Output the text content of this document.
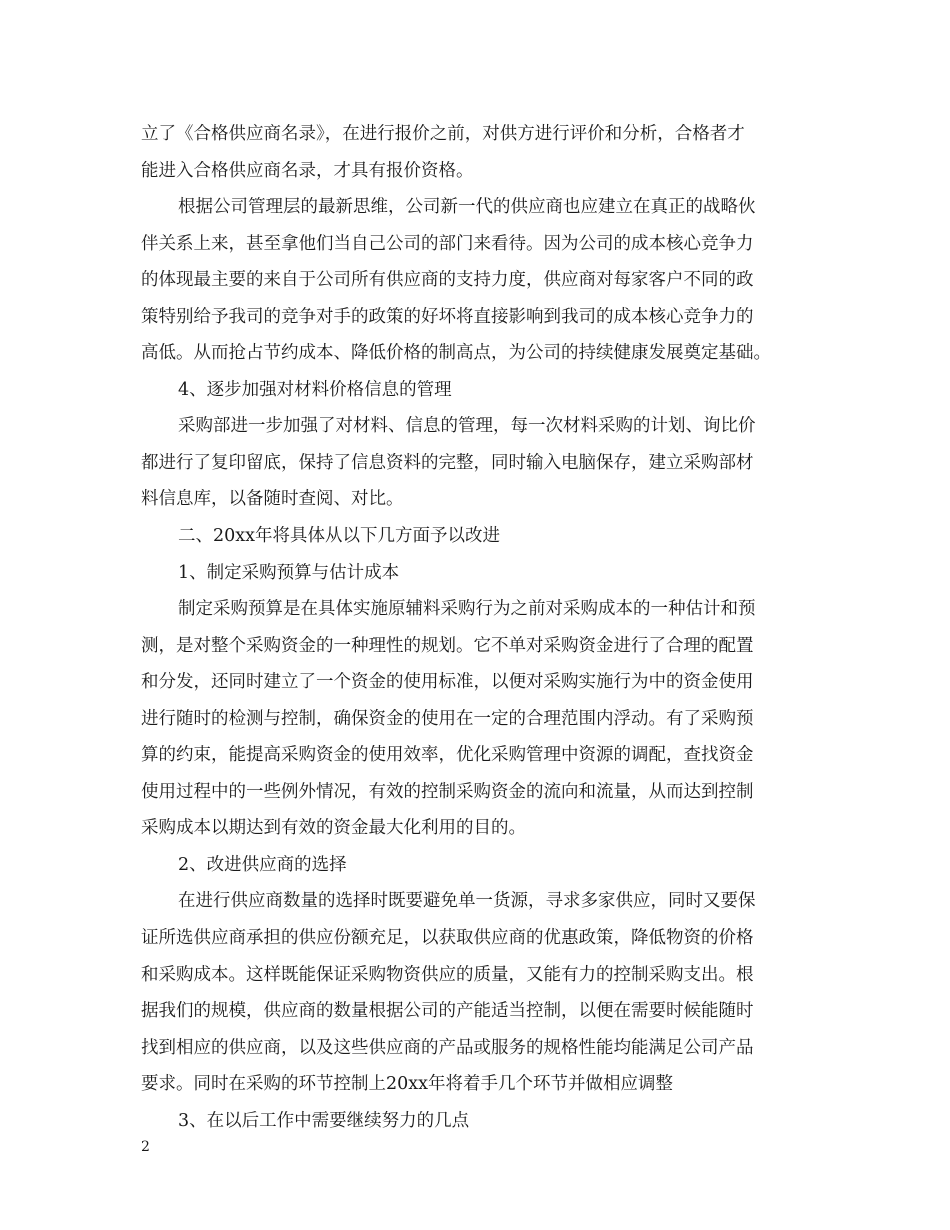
立了《合格供应商名录》，在进行报价之前，对供方进行评价和分析，合格者才
能进入合格供应商名录，才具有报价资格。
根据公司管理层的最新思维，公司新一代的供应商也应建立在真正的战略伙
伴关系上来，甚至拿他们当自己公司的部门来看待。因为公司的成本核心竞争力
的体现最主要的来自于公司所有供应商的支持力度，供应商对每家客户不同的政
策特别给予我司的竞争对手的政策的好坏将直接影响到我司的成本核心竞争力的
高低。从而抢占节约成本、降低价格的制高点，为公司的持续健康发展奠定基础。
4、逐步加强对材料价格信息的管理
采购部进一步加强了对材料、信息的管理，每一次材料采购的计划、询比价
都进行了复印留底，保持了信息资料的完整，同时输入电脑保存，建立采购部材
料信息库，以备随时查阅、对比。
二、20xx年将具体从以下几方面予以改进
1、制定采购预算与估计成本
制定采购预算是在具体实施原辅料采购行为之前对采购成本的一种估计和预
测，是对整个采购资金的一种理性的规划。它不单对采购资金进行了合理的配置
和分发，还同时建立了一个资金的使用标准，以便对采购实施行为中的资金使用
进行随时的检测与控制，确保资金的使用在一定的合理范围内浮动。有了采购预
算的约束，能提高采购资金的使用效率，优化采购管理中资源的调配，查找资金
使用过程中的一些例外情况，有效的控制采购资金的流向和流量，从而达到控制
采购成本以期达到有效的资金最大化利用的目的。
2、改进供应商的选择
在进行供应商数量的选择时既要避免单一货源，寻求多家供应，同时又要保
证所选供应商承担的供应份额充足，以获取供应商的优惠政策，降低物资的价格
和采购成本。这样既能保证采购物资供应的质量，又能有力的控制采购支出。根
据我们的规模，供应商的数量根据公司的产能适当控制，以便在需要时候能随时
找到相应的供应商，以及这些供应商的产品或服务的规格性能均能满足公司产品
要求。同时在采购的环节控制上20xx年将着手几个环节并做相应调整
3、在以后工作中需要继续努力的几点
2
